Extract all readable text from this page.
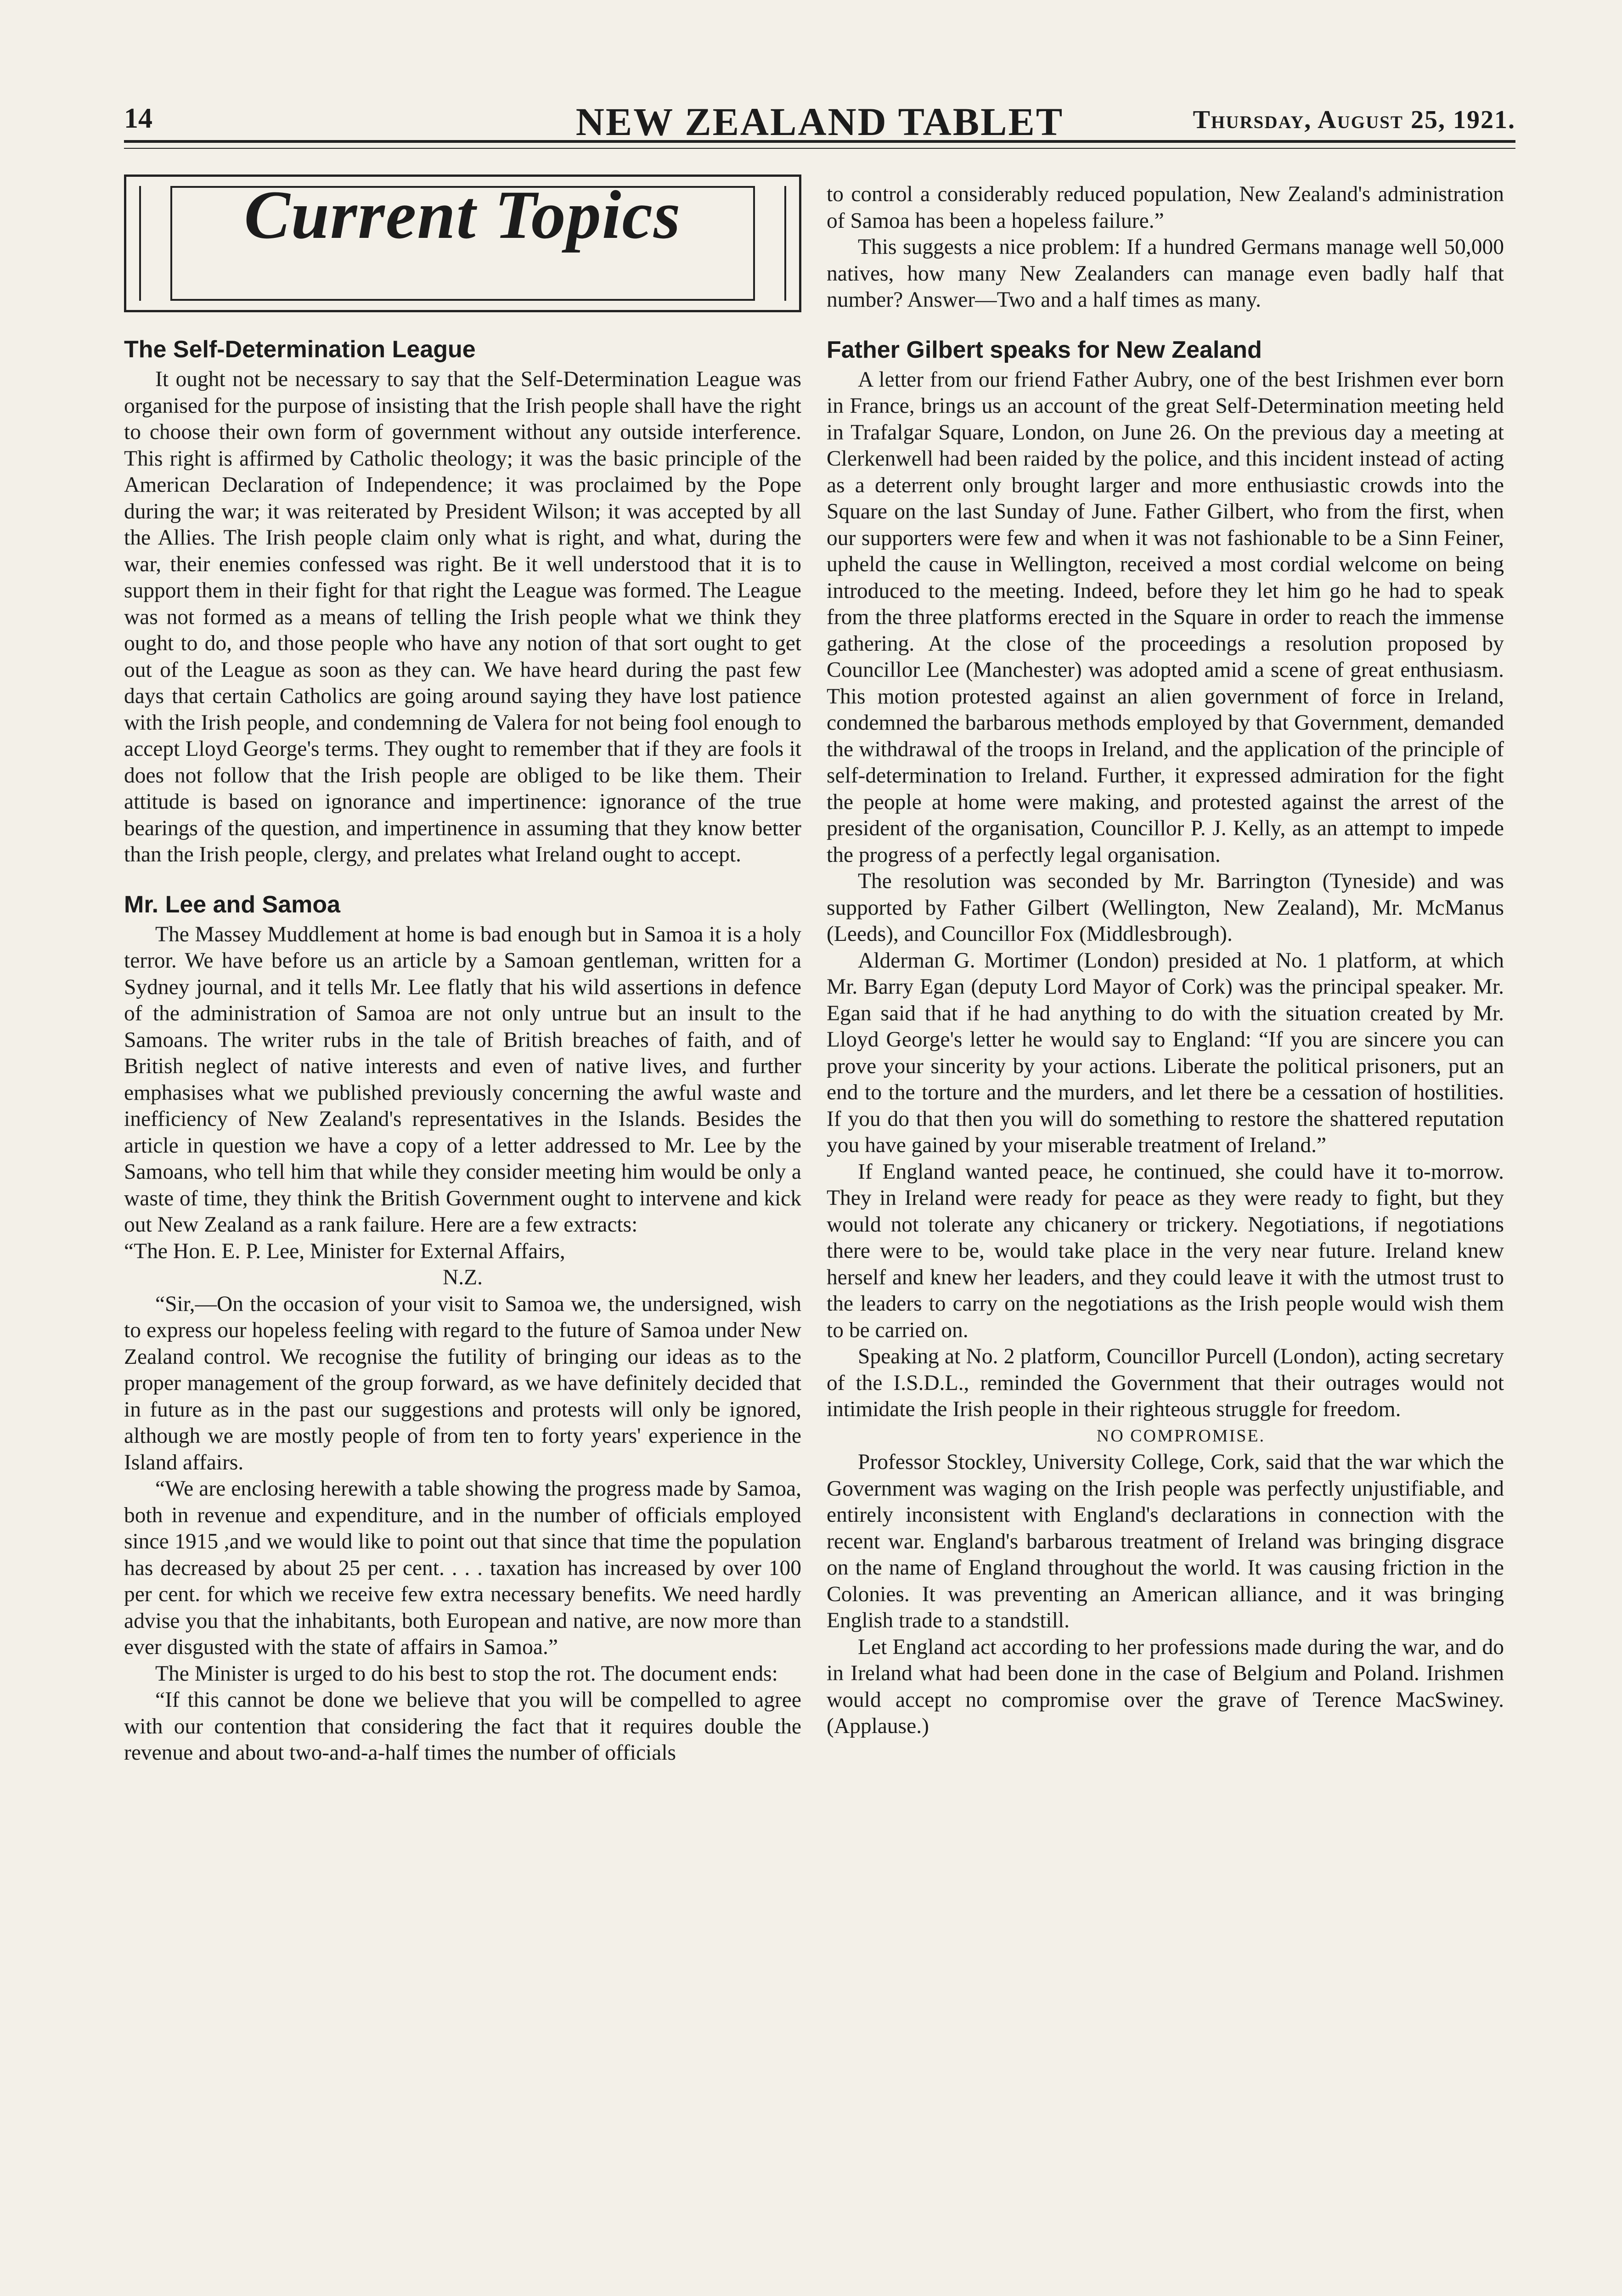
14	NEW ZEALAND TABLET	Thursday, August 25, 1921.
Current Topics
The Self-Determination League

It ought not be necessary to say that the Self-Determination League was organised for the purpose of insisting that the Irish people shall have the right to choose their own form of government without any outside interference. This right is affirmed by Catholic theology; it was the basic principle of the American Declaration of Independence; it was proclaimed by the Pope during the war; it was reiterated by President Wilson; it was accepted by all the Allies. The Irish people claim only what is right, and what, during the war, their enemies confessed was right. Be it well understood that it is to support them in their fight for that right the League was formed. The League was not formed as a means of telling the Irish people what we think they ought to do, and those people who have any notion of that sort ought to get out of the League as soon as they can. We have heard during the past few days that certain Catholics are going around saying they have lost patience with the Irish people, and condemning de Valera for not being fool enough to accept Lloyd George's terms. They ought to remember that if they are fools it does not follow that the Irish people are obliged to be like them. Their attitude is based on ignorance and impertinence: ignorance of the true bearings of the question, and impertinence in assuming that they know better than the Irish people, clergy, and prelates what Ireland ought to accept.

Mr. Lee and Samoa

The Massey Muddlement at home is bad enough but in Samoa it is a holy terror. We have before us an article by a Samoan gentleman, written for a Sydney journal, and it tells Mr. Lee flatly that his wild assertions in defence of the administration of Samoa are not only untrue but an insult to the Samoans. The writer rubs in the tale of British breaches of faith, and of British neglect of native interests and even of native lives, and further emphasises what we published previously concerning the awful waste and inefficiency of New Zealand's representatives in the Islands. Besides the article in question we have a copy of a letter addressed to Mr. Lee by the Samoans, who tell him that while they consider meeting him would be only a waste of time, they think the British Government ought to intervene and kick out New Zealand as a rank failure. Here are a few extracts:

“The Hon. E. P. Lee, Minister for External Affairs,

N.Z.

“Sir,—On the occasion of your visit to Samoa we, the undersigned, wish to express our hopeless feeling with regard to the future of Samoa under New Zealand control. We recognise the futility of bringing our ideas as to the proper management of the group forward, as we have definitely decided that in future as in the past our suggestions and protests will only be ignored, although we are mostly people of from ten to forty years' experience in the Island affairs.

“We are enclosing herewith a table showing the progress made by Samoa, both in revenue and expenditure, and in the number of officials employed since 1915 ,and we would like to point out that since that time the population has decreased by about 25 per cent. . . . taxation has increased by over 100 per cent. for which we receive few extra necessary benefits. We need hardly advise you that the inhabitants, both European and native, are now more than ever disgusted with the state of affairs in Samoa.”

The Minister is urged to do his best to stop the rot. The document ends:

“If this cannot be done we believe that you will be compelled to agree with our contention that considering the fact that it requires double the revenue and about two-and-a-half times the number of officials

to control a considerably reduced population, New Zealand's administration of Samoa has been a hopeless failure.”

This suggests a nice problem: If a hundred Germans manage well 50,000 natives, how many New Zealanders can manage even badly half that number? Answer—Two and a half times as many.

Father Gilbert speaks for New Zealand

A letter from our friend Father Aubry, one of the best Irishmen ever born in France, brings us an account of the great Self-Determination meeting held in Trafalgar Square, London, on June 26. On the previous day a meeting at Clerkenwell had been raided by the police, and this incident instead of acting as a deterrent only brought larger and more enthusiastic crowds into the Square on the last Sunday of June. Father Gilbert, who from the first, when our supporters were few and when it was not fashionable to be a Sinn Feiner, upheld the cause in Wellington, received a most cordial welcome on being introduced to the meeting. Indeed, before they let him go he had to speak from the three platforms erected in the Square in order to reach the immense gathering. At the close of the proceedings a resolution proposed by Councillor Lee (Manchester) was adopted amid a scene of great enthusiasm. This motion protested against an alien government of force in Ireland, condemned the barbarous methods employed by that Government, demanded the withdrawal of the troops in Ireland, and the application of the principle of self-determination to Ireland. Further, it expressed admiration for the fight the people at home were making, and protested against the arrest of the president of the organisation, Councillor P. J. Kelly, as an attempt to impede the progress of a perfectly legal organisation.

The resolution was seconded by Mr. Barrington (Tyneside) and was supported by Father Gilbert (Wellington, New Zealand), Mr. McManus (Leeds), and Councillor Fox (Middlesbrough).

Alderman G. Mortimer (London) presided at No. 1 platform, at which Mr. Barry Egan (deputy Lord Mayor of Cork) was the principal speaker. Mr. Egan said that if he had anything to do with the situation created by Mr. Lloyd George's letter he would say to England: “If you are sincere you can prove your sincerity by your actions. Liberate the political prisoners, put an end to the torture and the murders, and let there be a cessation of hostilities. If you do that then you will do something to restore the shattered reputation you have gained by your miserable treatment of Ireland.”

If England wanted peace, he continued, she could have it to-morrow. They in Ireland were ready for peace as they were ready to fight, but they would not tolerate any chicanery or trickery. Negotiations, if negotiations there were to be, would take place in the very near future. Ireland knew herself and knew her leaders, and they could leave it with the utmost trust to the leaders to carry on the negotiations as the Irish people would wish them to be carried on.

Speaking at No. 2 platform, Councillor Purcell (London), acting secretary of the I.S.D.L., reminded the Government that their outrages would not intimidate the Irish people in their righteous struggle for freedom.

NO COMPROMISE.

Professor Stockley, University College, Cork, said that the war which the Government was waging on the Irish people was perfectly unjustifiable, and entirely inconsistent with England's declarations in connection with the recent war. England's barbarous treatment of Ireland was bringing disgrace on the name of England throughout the world. It was causing friction in the Colonies. It was preventing an American alliance, and it was bringing English trade to a standstill.

Let England act according to her professions made during the war, and do in Ireland what had been done in the case of Belgium and Poland. Irishmen would accept no compromise over the grave of Terence MacSwiney. (Applause.)
